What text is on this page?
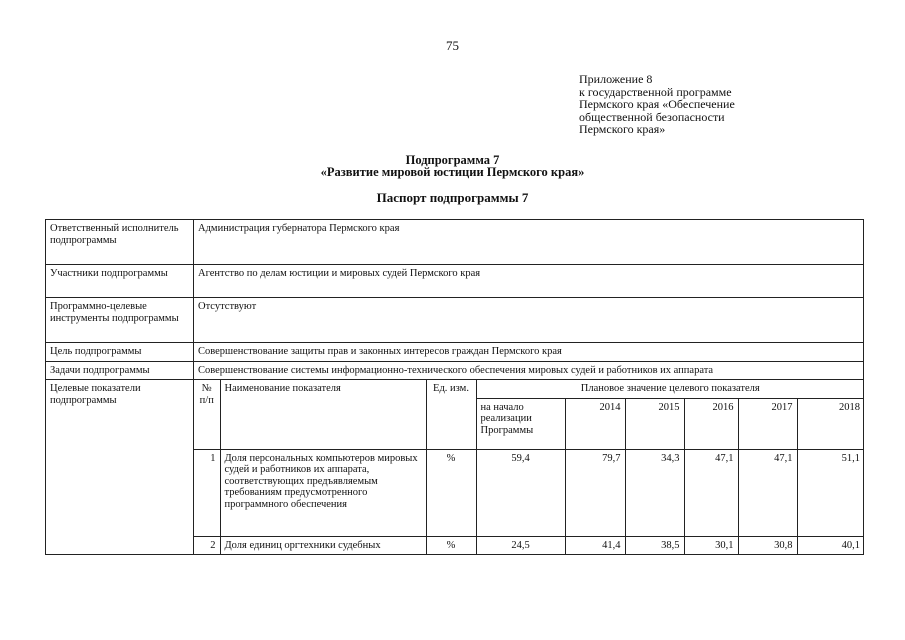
75
Приложение 8
к государственной программе
Пермского края «Обеспечение
общественной безопасности
Пермского края»
Подпрограмма 7
«Развитие мировой юстиции Пермского края»
Паспорт подпрограммы 7
Ответственный исполнитель подпрограммы	Администрация губернатора Пермского края
Участники подпрограммы	Агентство по делам юстиции и мировых судей Пермского края
Программно-целевые инструменты подпрограммы	Отсутствуют
Цель подпрограммы	Совершенствование защиты прав и законных интересов граждан Пермского края
Задачи подпрограммы	Совершенствование системы информационно-технического обеспечения мировых судей и работников их аппарата
Целевые показатели подпрограммы	
№ п/п	Наименование показателя	Ед. изм.	Плановое значение целевого показателя
на начало реализации Программы	2014	2015	2016	2017	2018
1	Доля персональных компьютеров мировых судей и работников их аппарата, соответствующих предъявляемым требованиям предусмотренного программного обеспечения	%	59,4	79,7	34,3	47,1	47,1	51,1
2	Доля единиц оргтехники судебных	%	24,5	41,4	38,5	30,1	30,8	40,1
